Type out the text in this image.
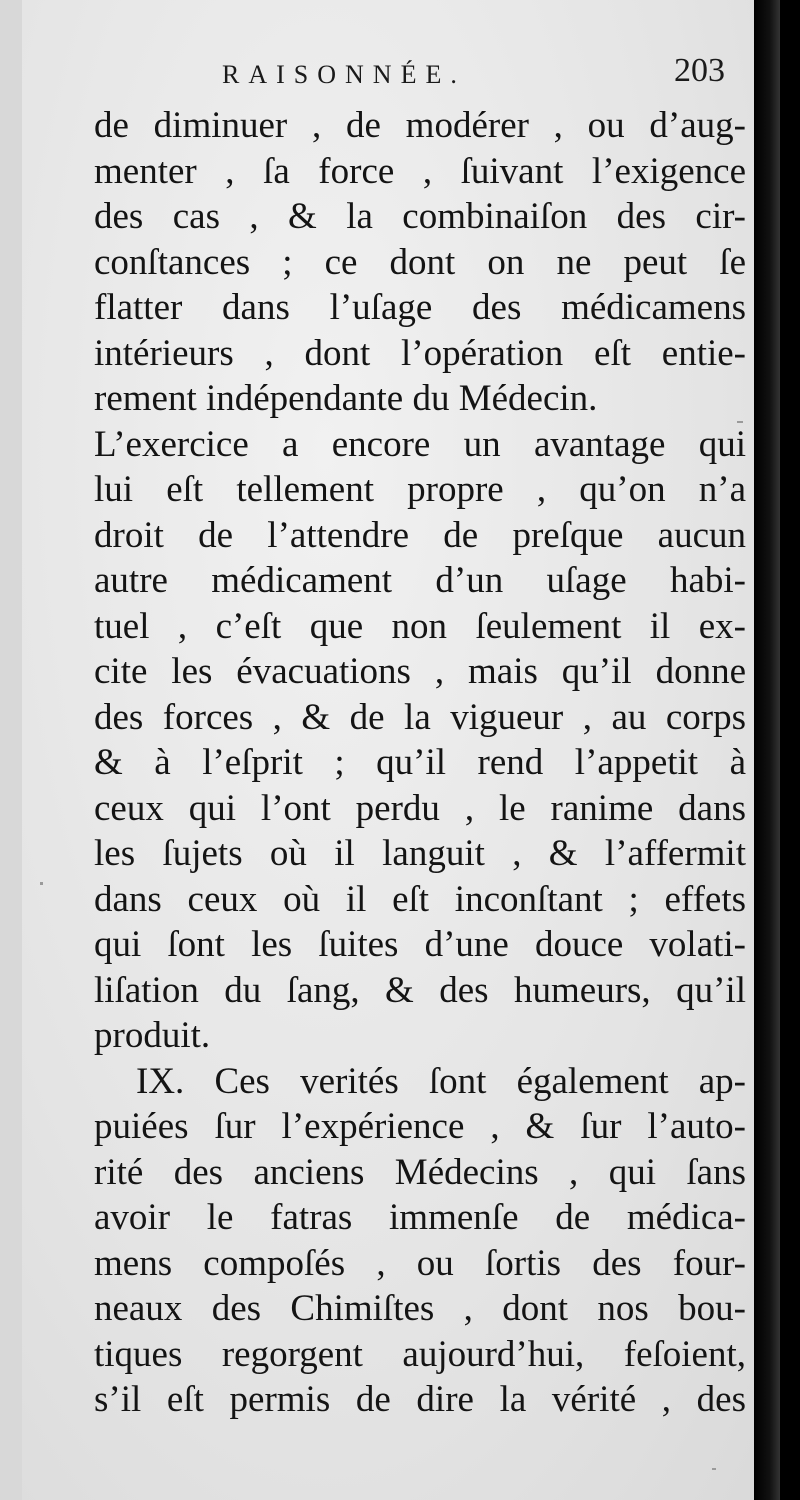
RAISONNÉE.	203
de diminuer , de modérer , ou d’aug-
menter , ſa force , ſuivant l’exigence
des cas , & la combinaiſon des cir-
conſtances ; ce dont on ne peut ſe
flatter dans l’uſage des médicamens
intérieurs , dont l’opération eſt entie-
rement indépendante du Médecin.
L’exercice a encore un avantage qui
lui eſt tellement propre , qu’on n’a
droit de l’attendre de preſque aucun
autre médicament d’un uſage habi-
tuel , c’eſt que non ſeulement il ex-
cite les évacuations , mais qu’il donne
des forces , & de la vigueur , au corps
& à l’eſprit ; qu’il rend l’appetit à
ceux qui l’ont perdu , le ranime dans
les ſujets où il languit , & l’affermit
dans ceux où il eſt inconſtant ; effets
qui ſont les ſuites d’une douce volati-
liſation du ſang, & des humeurs, qu’il
produit.
IX. Ces verités ſont également ap-
puiées ſur l’expérience , & ſur l’auto-
rité des anciens Médecins , qui ſans
avoir le fatras immenſe de médica-
mens compoſés , ou ſortis des four-
neaux des Chimiſtes , dont nos bou-
tiques regorgent aujourd’hui, feſoient,
s’il eſt permis de dire la vérité , des
